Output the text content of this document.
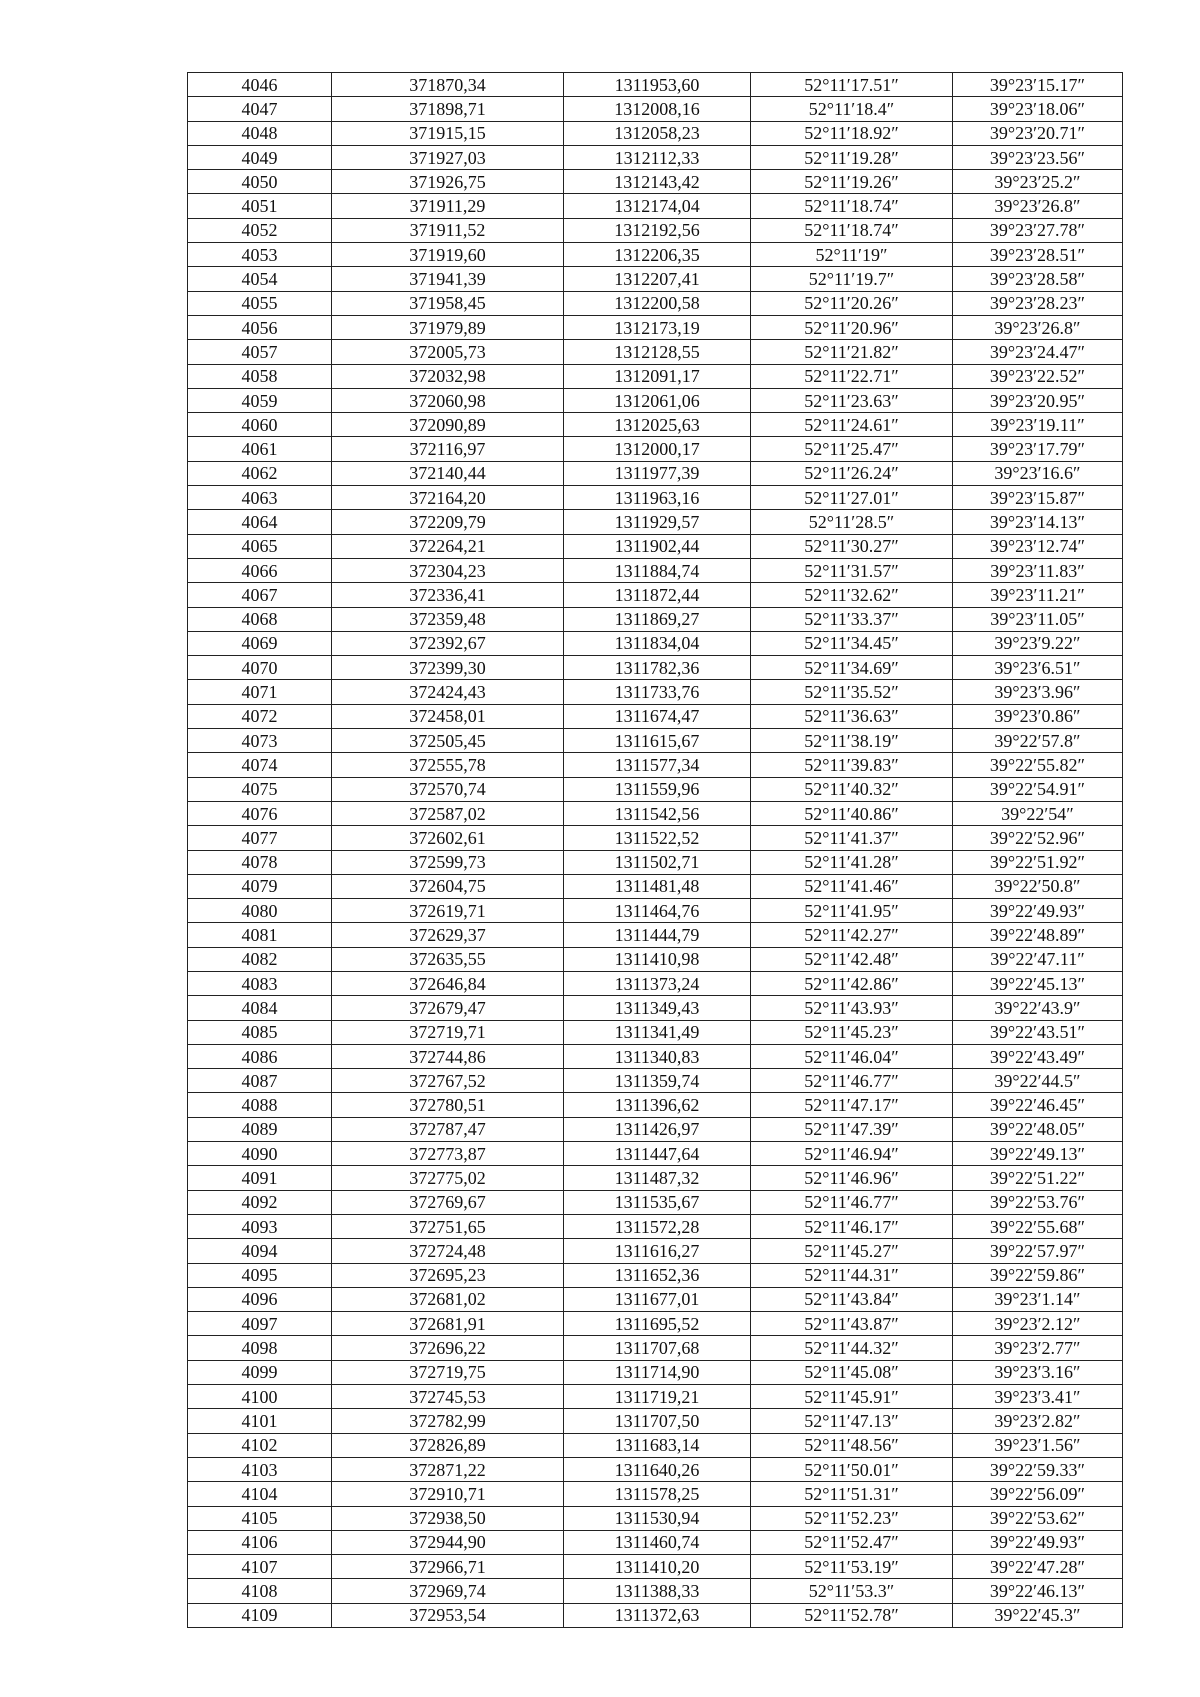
4046	371870,34	1311953,60	52°11′17.51″	39°23′15.17″
4047	371898,71	1312008,16	52°11′18.4″	39°23′18.06″
4048	371915,15	1312058,23	52°11′18.92″	39°23′20.71″
4049	371927,03	1312112,33	52°11′19.28″	39°23′23.56″
4050	371926,75	1312143,42	52°11′19.26″	39°23′25.2″
4051	371911,29	1312174,04	52°11′18.74″	39°23′26.8″
4052	371911,52	1312192,56	52°11′18.74″	39°23′27.78″
4053	371919,60	1312206,35	52°11′19″	39°23′28.51″
4054	371941,39	1312207,41	52°11′19.7″	39°23′28.58″
4055	371958,45	1312200,58	52°11′20.26″	39°23′28.23″
4056	371979,89	1312173,19	52°11′20.96″	39°23′26.8″
4057	372005,73	1312128,55	52°11′21.82″	39°23′24.47″
4058	372032,98	1312091,17	52°11′22.71″	39°23′22.52″
4059	372060,98	1312061,06	52°11′23.63″	39°23′20.95″
4060	372090,89	1312025,63	52°11′24.61″	39°23′19.11″
4061	372116,97	1312000,17	52°11′25.47″	39°23′17.79″
4062	372140,44	1311977,39	52°11′26.24″	39°23′16.6″
4063	372164,20	1311963,16	52°11′27.01″	39°23′15.87″
4064	372209,79	1311929,57	52°11′28.5″	39°23′14.13″
4065	372264,21	1311902,44	52°11′30.27″	39°23′12.74″
4066	372304,23	1311884,74	52°11′31.57″	39°23′11.83″
4067	372336,41	1311872,44	52°11′32.62″	39°23′11.21″
4068	372359,48	1311869,27	52°11′33.37″	39°23′11.05″
4069	372392,67	1311834,04	52°11′34.45″	39°23′9.22″
4070	372399,30	1311782,36	52°11′34.69″	39°23′6.51″
4071	372424,43	1311733,76	52°11′35.52″	39°23′3.96″
4072	372458,01	1311674,47	52°11′36.63″	39°23′0.86″
4073	372505,45	1311615,67	52°11′38.19″	39°22′57.8″
4074	372555,78	1311577,34	52°11′39.83″	39°22′55.82″
4075	372570,74	1311559,96	52°11′40.32″	39°22′54.91″
4076	372587,02	1311542,56	52°11′40.86″	39°22′54″
4077	372602,61	1311522,52	52°11′41.37″	39°22′52.96″
4078	372599,73	1311502,71	52°11′41.28″	39°22′51.92″
4079	372604,75	1311481,48	52°11′41.46″	39°22′50.8″
4080	372619,71	1311464,76	52°11′41.95″	39°22′49.93″
4081	372629,37	1311444,79	52°11′42.27″	39°22′48.89″
4082	372635,55	1311410,98	52°11′42.48″	39°22′47.11″
4083	372646,84	1311373,24	52°11′42.86″	39°22′45.13″
4084	372679,47	1311349,43	52°11′43.93″	39°22′43.9″
4085	372719,71	1311341,49	52°11′45.23″	39°22′43.51″
4086	372744,86	1311340,83	52°11′46.04″	39°22′43.49″
4087	372767,52	1311359,74	52°11′46.77″	39°22′44.5″
4088	372780,51	1311396,62	52°11′47.17″	39°22′46.45″
4089	372787,47	1311426,97	52°11′47.39″	39°22′48.05″
4090	372773,87	1311447,64	52°11′46.94″	39°22′49.13″
4091	372775,02	1311487,32	52°11′46.96″	39°22′51.22″
4092	372769,67	1311535,67	52°11′46.77″	39°22′53.76″
4093	372751,65	1311572,28	52°11′46.17″	39°22′55.68″
4094	372724,48	1311616,27	52°11′45.27″	39°22′57.97″
4095	372695,23	1311652,36	52°11′44.31″	39°22′59.86″
4096	372681,02	1311677,01	52°11′43.84″	39°23′1.14″
4097	372681,91	1311695,52	52°11′43.87″	39°23′2.12″
4098	372696,22	1311707,68	52°11′44.32″	39°23′2.77″
4099	372719,75	1311714,90	52°11′45.08″	39°23′3.16″
4100	372745,53	1311719,21	52°11′45.91″	39°23′3.41″
4101	372782,99	1311707,50	52°11′47.13″	39°23′2.82″
4102	372826,89	1311683,14	52°11′48.56″	39°23′1.56″
4103	372871,22	1311640,26	52°11′50.01″	39°22′59.33″
4104	372910,71	1311578,25	52°11′51.31″	39°22′56.09″
4105	372938,50	1311530,94	52°11′52.23″	39°22′53.62″
4106	372944,90	1311460,74	52°11′52.47″	39°22′49.93″
4107	372966,71	1311410,20	52°11′53.19″	39°22′47.28″
4108	372969,74	1311388,33	52°11′53.3″	39°22′46.13″
4109	372953,54	1311372,63	52°11′52.78″	39°22′45.3″
